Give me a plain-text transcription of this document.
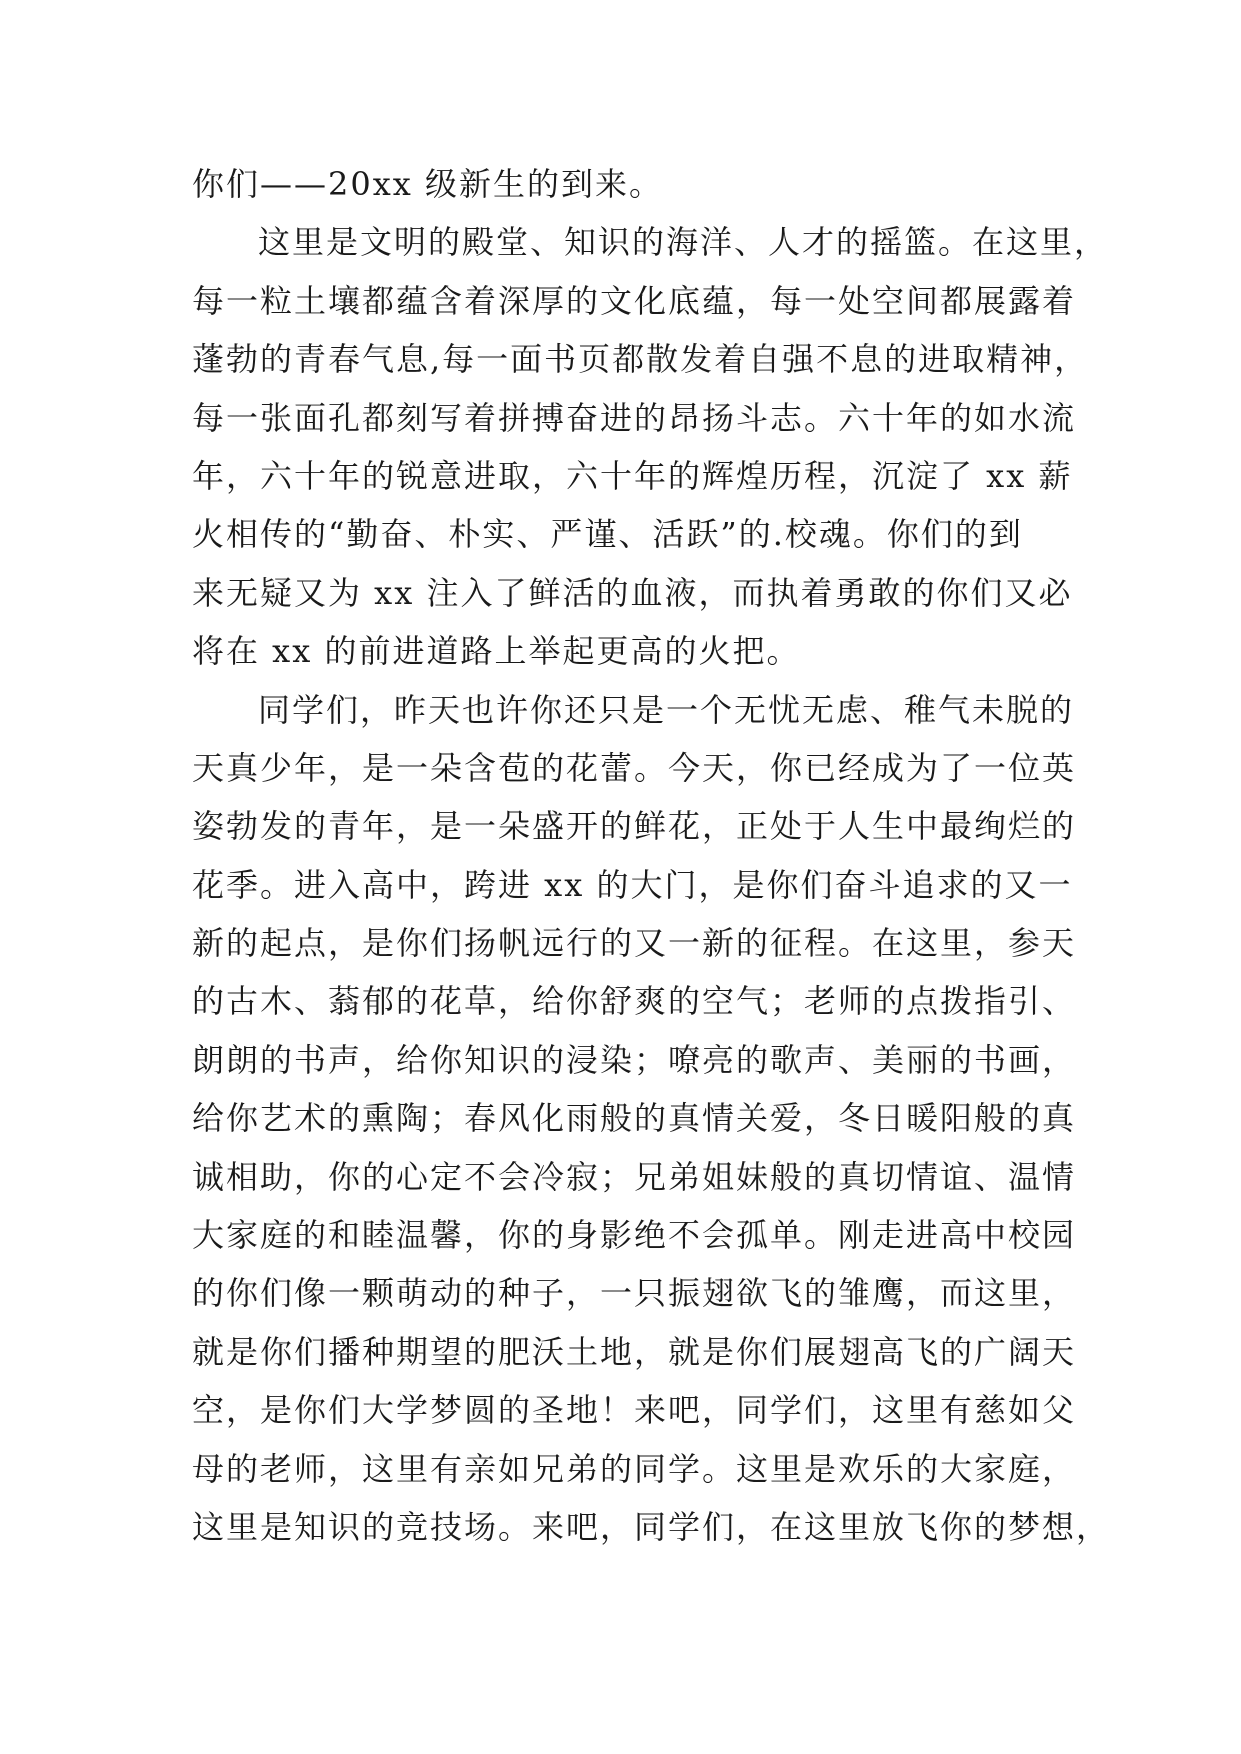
你们——20xx 级新生的到来。
这里是文明的殿堂、知识的海洋、人才的摇篮。在这里，
每一粒土壤都蕴含着深厚的文化底蕴，每一处空间都展露着
蓬勃的青春气息,每一面书页都散发着自强不息的进取精神，
每一张面孔都刻写着拼搏奋进的昂扬斗志。六十年的如水流
年，六十年的锐意进取，六十年的辉煌历程，沉淀了 xx 薪
火相传的“勤奋、朴实、严谨、活跃”的.校魂。你们的到
来无疑又为 xx 注入了鲜活的血液，而执着勇敢的你们又必
将在 xx 的前进道路上举起更高的火把。
同学们，昨天也许你还只是一个无忧无虑、稚气未脱的
天真少年，是一朵含苞的花蕾。今天，你已经成为了一位英
姿勃发的青年，是一朵盛开的鲜花，正处于人生中最绚烂的
花季。进入高中，跨进 xx 的大门，是你们奋斗追求的又一
新的起点，是你们扬帆远行的又一新的征程。在这里，参天
的古木、蓊郁的花草，给你舒爽的空气；老师的点拨指引、
朗朗的书声，给你知识的浸染；嘹亮的歌声、美丽的书画，
给你艺术的熏陶；春风化雨般的真情关爱，冬日暖阳般的真
诚相助，你的心定不会冷寂；兄弟姐妹般的真切情谊、温情
大家庭的和睦温馨，你的身影绝不会孤单。刚走进高中校园
的你们像一颗萌动的种子，一只振翅欲飞的雏鹰，而这里，
就是你们播种期望的肥沃土地，就是你们展翅高飞的广阔天
空，是你们大学梦圆的圣地！来吧，同学们，这里有慈如父
母的老师，这里有亲如兄弟的同学。这里是欢乐的大家庭，
这里是知识的竞技场。来吧，同学们，在这里放飞你的梦想，
